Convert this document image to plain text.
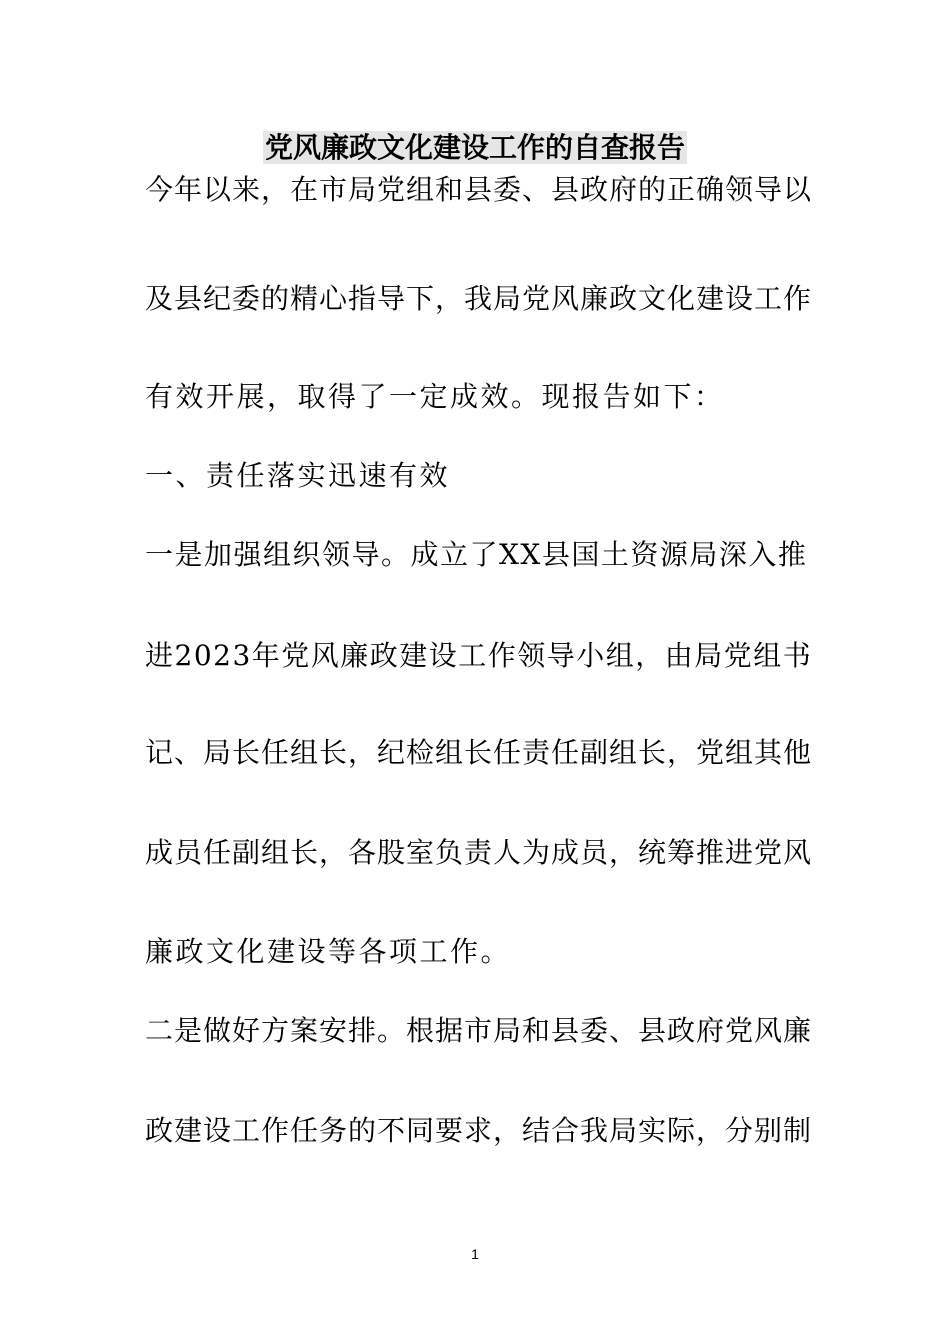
党风廉政文化建设工作的自查报告
今年以来，在市局党组和县委、县政府的正确领导以
及县纪委的精心指导下，我局党风廉政文化建设工作
有效开展，取得了一定成效。现报告如下：
一、责任落实迅速有效
一是加强组织领导。成立了XX县国土资源局深入推
进2023年党风廉政建设工作领导小组，由局党组书
记、局长任组长，纪检组长任责任副组长，党组其他
成员任副组长，各股室负责人为成员，统筹推进党风
廉政文化建设等各项工作。
二是做好方案安排。根据市局和县委、县政府党风廉
政建设工作任务的不同要求，结合我局实际，分别制
1
